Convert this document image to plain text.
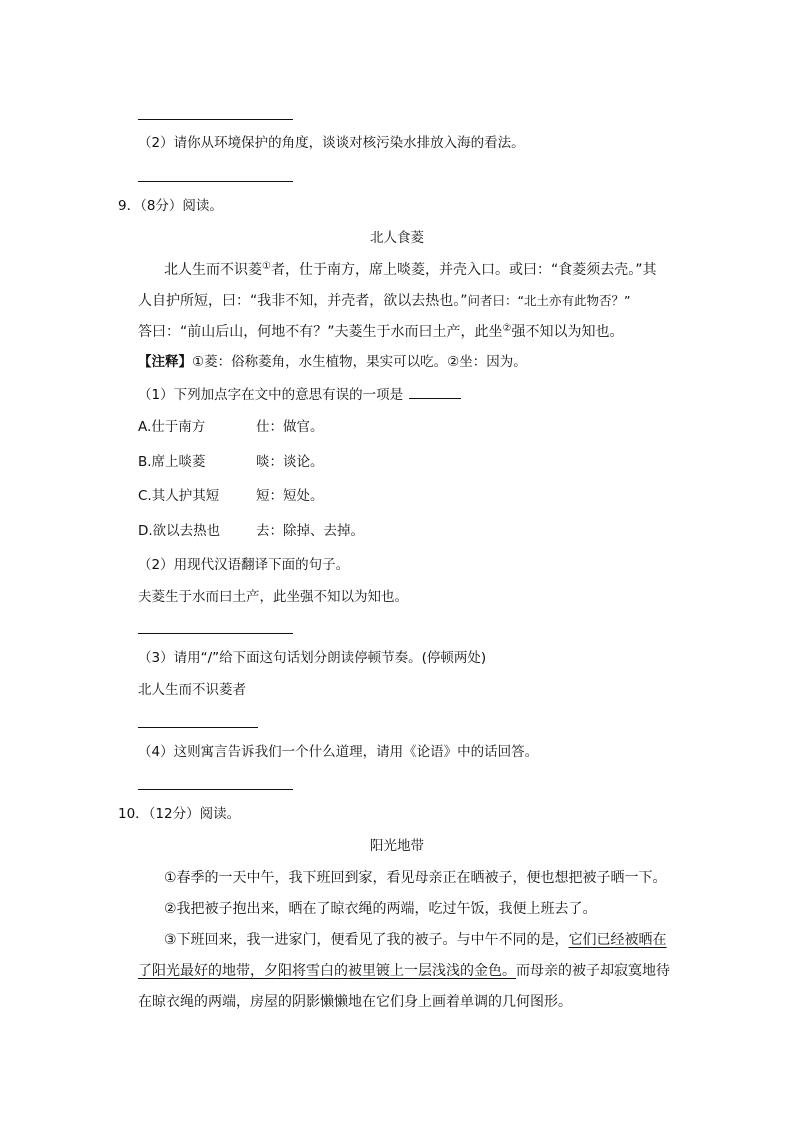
（2）请你从环境保护的角度，谈谈对核污染水排放入海的看法。
9．（8分）阅读。
北人食菱
北人生而不识菱①者，仕于南方，席上啖菱，并壳入口。或曰：“食菱须去壳。”其
人自护所短，曰：“我非不知，并壳者，欲以去热也。”问者曰：“北土亦有此物否？”
答曰：“前山后山，何地不有？”夫菱生于水而曰土产，此坐②强不知以为知也。
【注释】①菱：俗称菱角，水生植物，果实可以吃。②坐：因为。
（1）下列加点字在文中的意思有误的一项是
A.仕于南方	仕：做官。
B.席上啖菱	啖：谈论。
C.其人护其短	短：短处。
D.欲以去热也	去：除掉、去掉。
（2）用现代汉语翻译下面的句子。
夫菱生于水而曰土产，此坐强不知以为知也。
（3）请用“/”给下面这句话划分朗读停顿节奏。(停顿两处)
北人生而不识菱者
（4）这则寓言告诉我们一个什么道理，请用《论语》中的话回答。
10．（12分）阅读。
阳光地带
①春季的一天中午，我下班回到家，看见母亲正在晒被子，便也想把被子晒一下。
②我把被子抱出来，晒在了晾衣绳的两端，吃过午饭，我便上班去了。
③下班回来，我一进家门，便看见了我的被子。与中午不同的是，它们已经被晒在
了阳光最好的地带，夕阳将雪白的被里镀上一层浅浅的金色。而母亲的被子却寂寞地待
在晾衣绳的两端，房屋的阴影懒懒地在它们身上画着单调的几何图形。
